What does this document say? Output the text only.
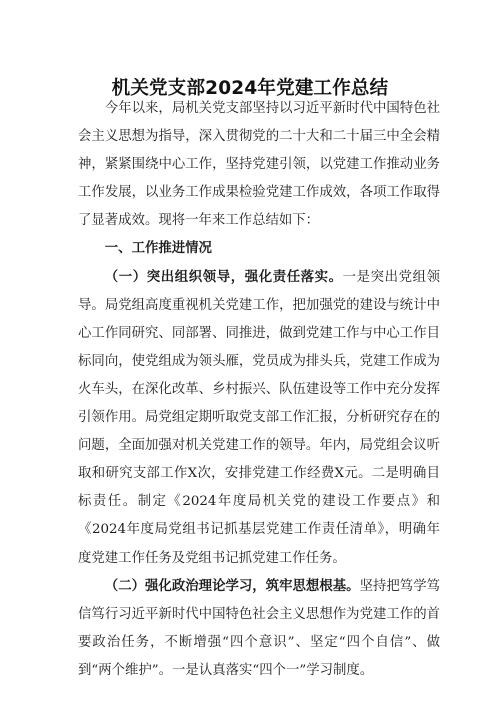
机关党支部2024年党建工作总结

今年以来，局机关党支部坚持以习近平新时代中国特色社会主义思想为指导，深入贯彻党的二十大和二十届三中全会精神，紧紧围绕中心工作，坚持党建引领，以党建工作推动业务工作发展，以业务工作成果检验党建工作成效，各项工作取得了显著成效。现将一年来工作总结如下：

一、工作推进情况

（一）突出组织领导，强化责任落实。一是突出党组领导。局党组高度重视机关党建工作，把加强党的建设与统计中心工作同研究、同部署、同推进，做到党建工作与中心工作目标同向，使党组成为领头雁，党员成为排头兵，党建工作成为火车头，在深化改革、乡村振兴、队伍建设等工作中充分发挥引领作用。局党组定期听取党支部工作汇报，分析研究存在的问题，全面加强对机关党建工作的领导。年内，局党组会议听取和研究支部工作X次，安排党建工作经费X元。二是明确目标责任。制定《2024年度局机关党的建设工作要点》和《2024年度局党组书记抓基层党建工作责任清单》，明确年度党建工作任务及党组书记抓党建工作任务。

（二）强化政治理论学习，筑牢思想根基。坚持把笃学笃信笃行习近平新时代中国特色社会主义思想作为党建工作的首要政治任务，不断增强“四个意识”、坚定“四个自信”、做到“两个维护”。一是认真落实“四个一”学习制度。
